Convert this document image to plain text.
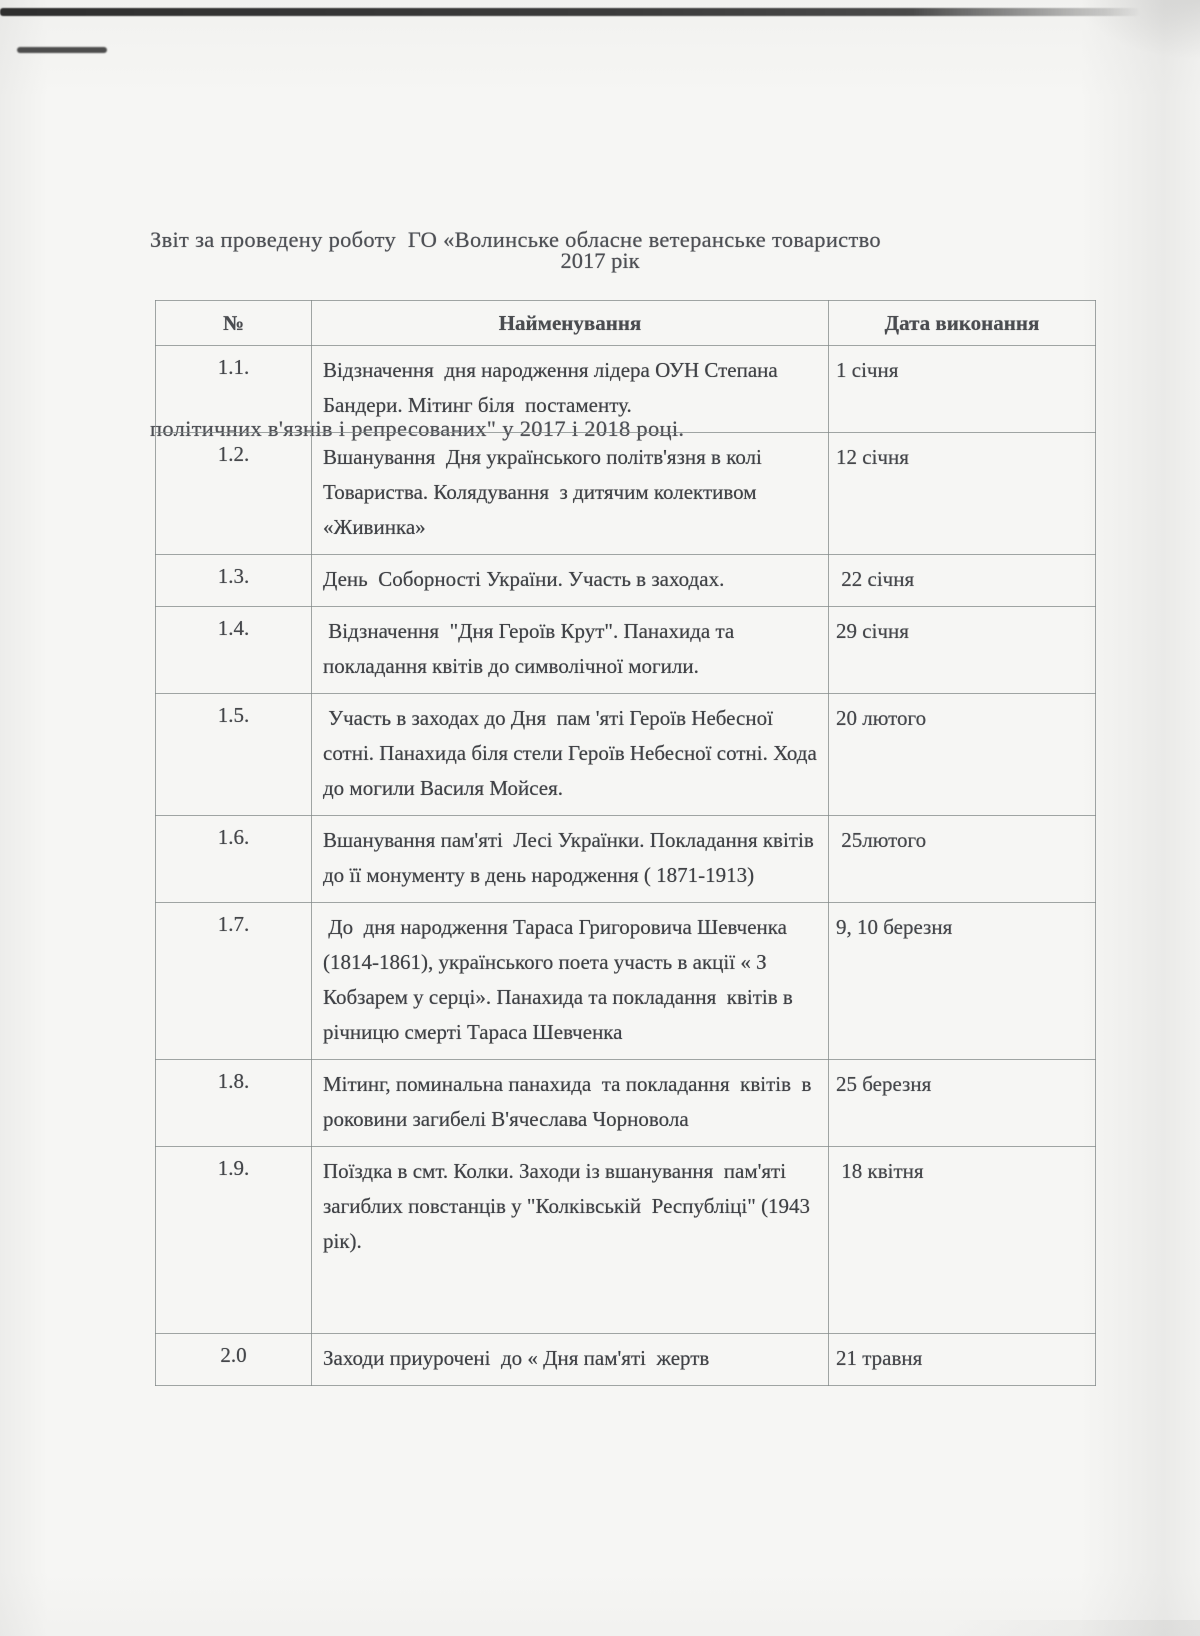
Звіт за проведену роботу  ГО «Волинське обласне ветеранське товариство

політичних в'язнів і репресованих" у 2017 і 2018 році.

2017 рік
№	Найменування	Дата виконання
1.1.	Відзначення  дня народження лідера ОУН Степана Бандери. Мітинг біля  постаменту.	1 січня
1.2.	Вшанування  Дня українського політв'язня в колі Товариства. Колядування  з дитячим колективом «Живинка»	12 січня
1.3.	День  Соборності України. Участь в заходах.	22 січня
1.4.	Відзначення  "Дня Героїв Крут". Панахида та покладання квітів до символічної могили.	29 січня
1.5.	Участь в заходах до Дня  пам 'яті Героїв Небесної сотні. Панахида біля стели Героїв Небесної сотні. Хода до могили Василя Мойсея.	20 лютого
1.6.	Вшанування пам'яті  Лесі Українки. Покладання квітів до її монументу в день народження ( 1871-1913)	25лютого
1.7.	До  дня народження Тараса Григоровича Шевченка (1814-1861), українського поета участь в акції « З Кобзарем у серці». Панахида та покладання  квітів в річницю смерті Тараса Шевченка	9, 10 березня
1.8.	Мітинг, поминальна панахида  та покладання  квітів  в роковини загибелі В'ячеслава Чорновола	25 березня
1.9.	Поїздка в смт. Колки. Заходи із вшанування  пам'яті загиблих повстанців у "Колківській  Республіці" (1943 рік).	18 квітня
2.0	Заходи приурочені  до « Дня пам'яті  жертв	21 травня
